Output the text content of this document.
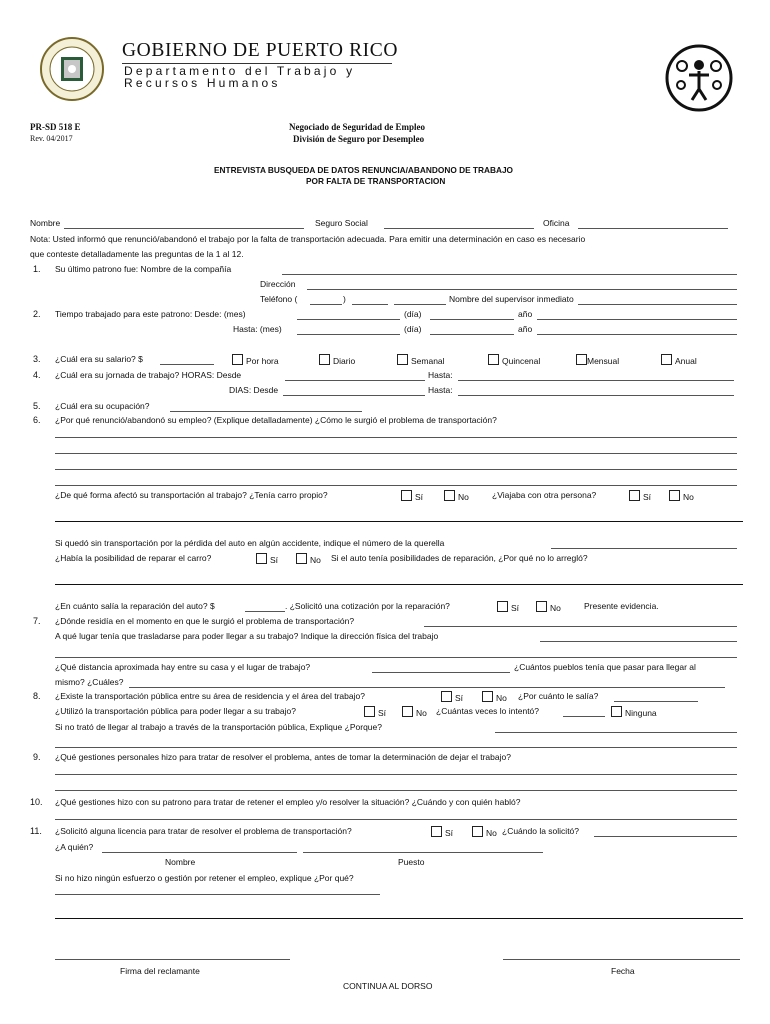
ESTADO LIBRE ASOCIADO DE PUERTO RICO
GOBIERNO DE PUERTO RICO
Departamento del Trabajo y
Recursos Humanos
PR-SD 518 E
Rev. 04/2017
Negociado de Seguridad de Empleo
División de Seguro por Desempleo
ENTREVISTA BUSQUEDA DE DATOS RENUNCIA/ABANDONO DE TRABAJO
POR FALTA DE TRANSPORTACION
Nombre	Seguro Social	Oficina
Nota: Usted informó que renunció/abandonó el trabajo por la falta de transportación adecuada. Para emitir una determinación en caso es necesario
que conteste detalladamente las preguntas de la 1 al 12.
1. Su último patrono fue: Nombre de la compañía
Dirección
Teléfono (	)	Nombre del supervisor inmediato
2. Tiempo trabajado para este patrono: Desde: (mes)	(día)	año
Hasta: (mes)	(día)	año
3. ¿Cuál era su salario? $	Por hora	Diario	Semanal	Quincenal	Mensual	Anual
4. ¿Cuál era su jornada de trabajo? HORAS: Desde	Hasta:
DIAS: Desde	Hasta:
5. ¿Cuál era su ocupación?
6. ¿Por qué renunció/abandonó su empleo? (Explique detalladamente) ¿Cómo le surgió el problema de transportación?
¿De qué forma afectó su transportación al trabajo? ¿Tenía carro propio?	Sí	No	¿Viajaba con otra persona?	Sí	No
Si quedó sin transportación por la pérdida del auto en algún accidente, indique el número de la querella
¿Había la posibilidad de reparar el carro?	Sí	No Si el auto tenía posibilidades de reparación, ¿Por qué no lo arregló?
¿En cuánto salía la reparación del auto? $	. ¿Solicitó una cotización por la reparación?	Sí	No	Presente evidencia.
7. ¿Dónde residía en el momento en que le surgió el problema de transportación?
A qué lugar tenía que trasladarse para poder llegar a su trabajo? Indique la dirección física del trabajo
¿Qué distancia aproximada hay entre su casa y el lugar de trabajo?	¿Cuántos pueblos tenía que pasar para llegar al
mismo? ¿Cuáles?
8. ¿Existe la transportación pública entre su área de residencia y el área del trabajo?	Sí	No ¿Por cuánto le salía?
¿Utilizó la transportación pública para poder llegar a su trabajo?	Sí	No ¿Cuántas veces lo intentó?	Ninguna
Si no trató de llegar al trabajo a través de la transportación pública, Explique ¿Porque?
9. ¿Qué gestiones personales hizo para tratar de resolver el problema, antes de tomar la determinación de dejar el trabajo?
10. ¿Qué gestiones hizo con su patrono para tratar de retener el empleo y/o resolver la situación? ¿Cuándo y con quién habló?
11. ¿Solicitó alguna licencia para tratar de resolver el problema de transportación?	Sí	No ¿Cuándo la solicitó?
¿A quién?
Nombre	Puesto
Si no hizo ningún esfuerzo o gestión por retener el empleo, explique ¿Por qué?
Firma del reclamante	Fecha
CONTINUA AL DORSO
